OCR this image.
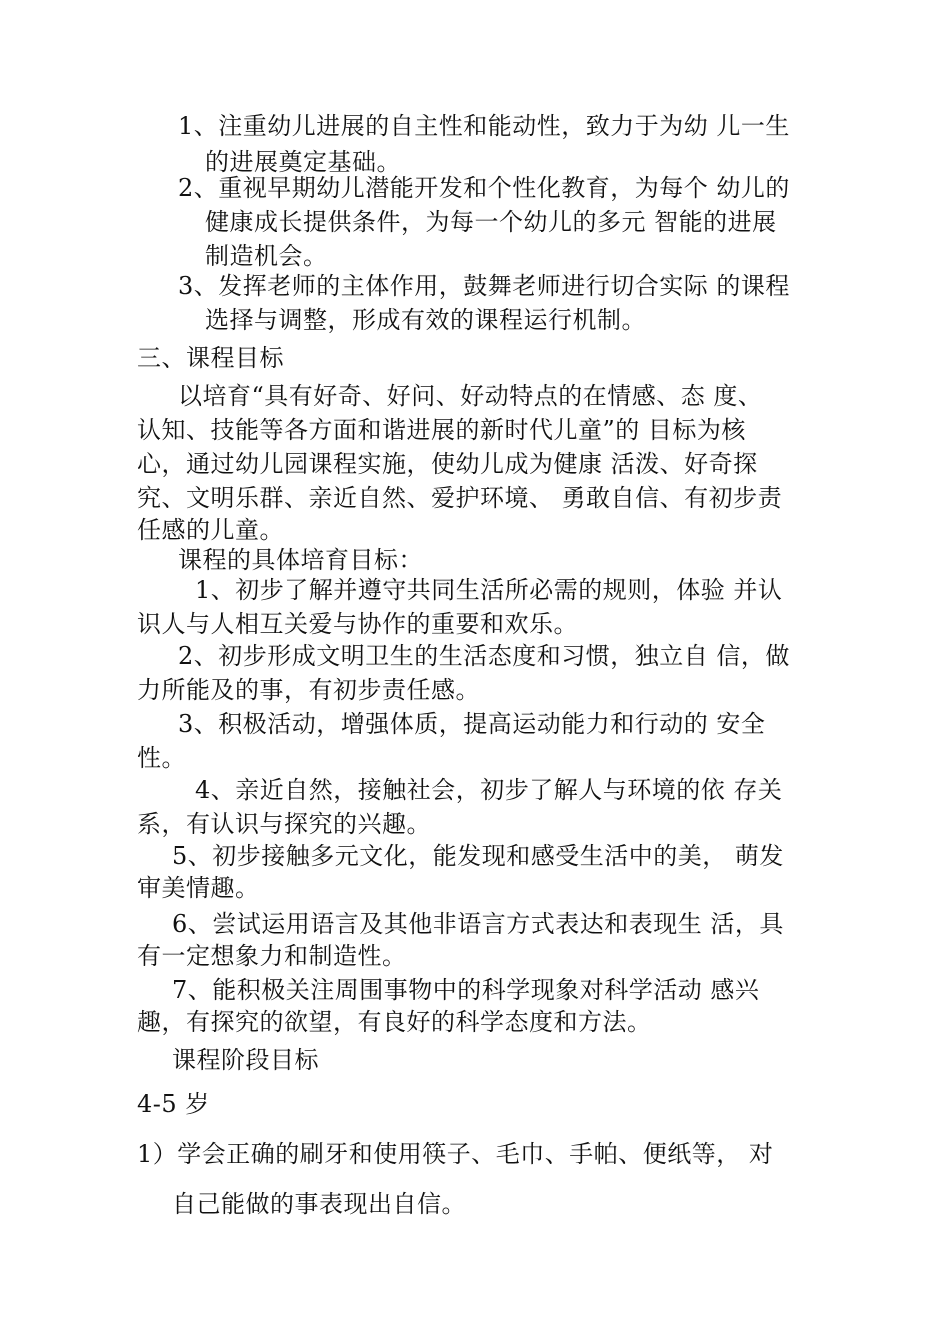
1、注重幼儿进展的自主性和能动性，致力于为幼 儿一生
的进展奠定基础。
2、重视早期幼儿潜能开发和个性化教育，为每个 幼儿的
健康成长提供条件，为每一个幼儿的多元 智能的进展
制造机会。
3、发挥老师的主体作用，鼓舞老师进行切合实际 的课程
选择与调整，形成有效的课程运行机制。
三、课程目标
以培育“具有好奇、好问、好动特点的在情感、态 度、
认知、技能等各方面和谐进展的新时代儿童”的 目标为核
心，通过幼儿园课程实施，使幼儿成为健康 活泼、好奇探
究、文明乐群、亲近自然、爱护环境、 勇敢自信、有初步责
任感的儿童。
课程的具体培育目标：
1、初步了解并遵守共同生活所必需的规则，体验 并认
识人与人相互关爱与协作的重要和欢乐。
2、初步形成文明卫生的生活态度和习惯，独立自 信，做
力所能及的事，有初步责任感。
3、积极活动，增强体质，提高运动能力和行动的 安全
性。
4、亲近自然，接触社会，初步了解人与环境的依 存关
系，有认识与探究的兴趣。
5、初步接触多元文化，能发现和感受生活中的美， 萌发
审美情趣。
6、尝试运用语言及其他非语言方式表达和表现生 活，具
有一定想象力和制造性。
7、能积极关注周围事物中的科学现象对科学活动 感兴
趣，有探究的欲望，有良好的科学态度和方法。
课程阶段目标
4-5 岁
1）学会正确的刷牙和使用筷子、毛巾、手帕、便纸等， 对
自己能做的事表现出自信。
